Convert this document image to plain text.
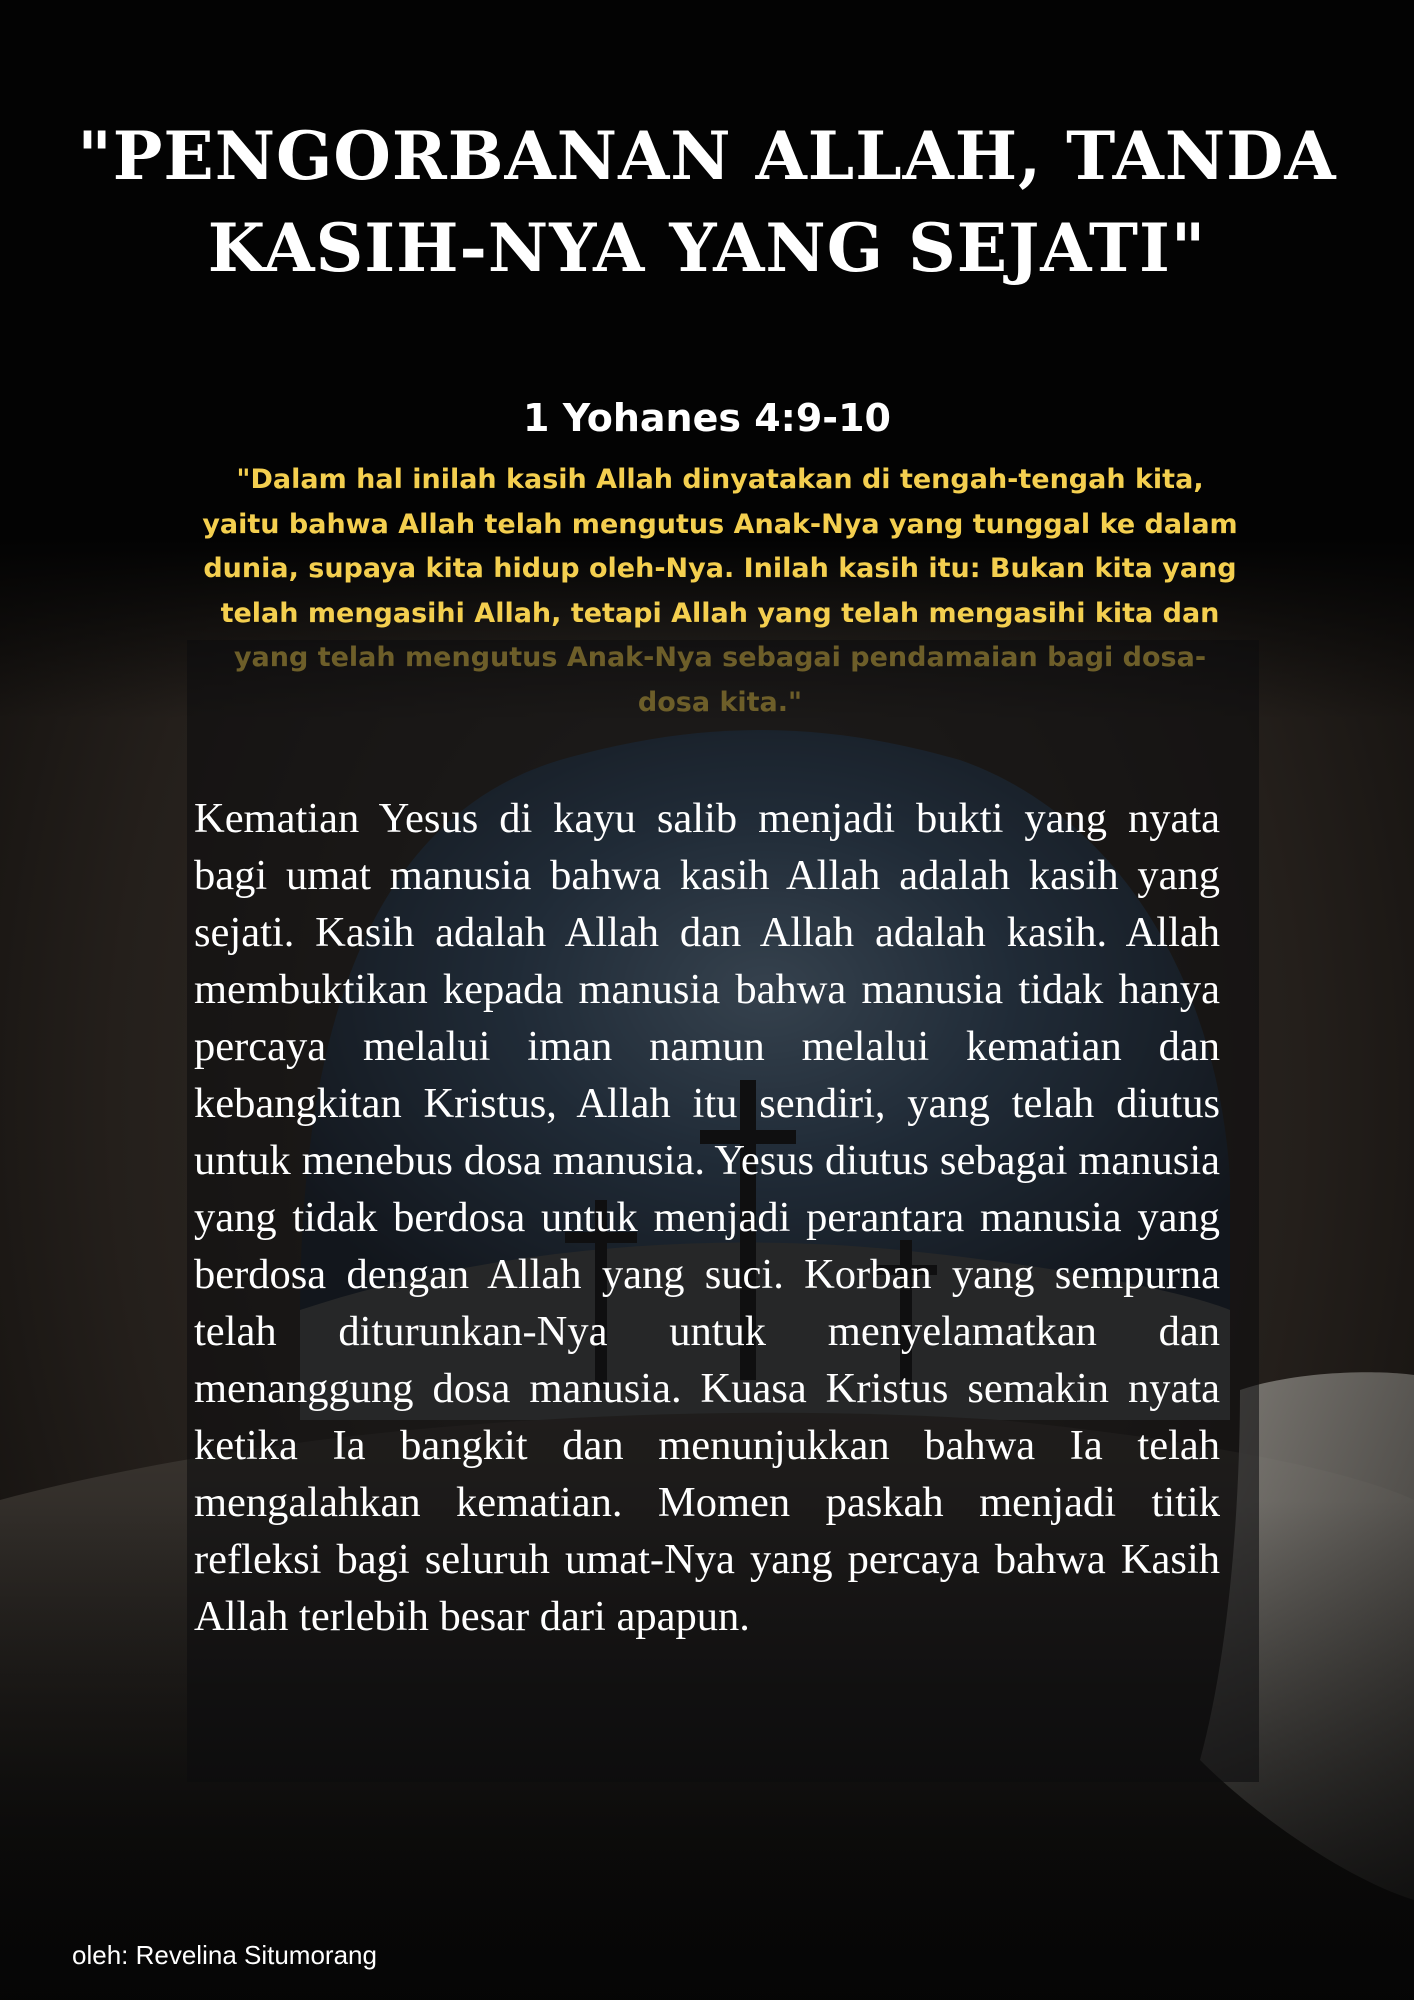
"PENGORBANAN ALLAH, TANDA KASIH-NYA YANG SEJATI"
1 Yohanes 4:9-10

"Dalam hal inilah kasih Allah dinyatakan di tengah-tengah kita, yaitu bahwa Allah telah mengutus Anak-Nya yang tunggal ke dalam dunia, supaya kita hidup oleh-Nya. Inilah kasih itu: Bukan kita yang telah mengasihi Allah, tetapi Allah yang telah mengasihi kita dan

Kematian Yesus di kayu salib menjadi bukti yang nyata bagi umat manusia bahwa kasih Allah adalah kasih yang sejati. Kasih adalah Allah dan Allah adalah kasih. Allah membuktikan kepada manusia bahwa manusia tidak hanya percaya melalui iman namun melalui kematian dan kebangkitan Kristus, Allah itu sendiri, yang telah diutus untuk menebus dosa manusia. Yesus diutus sebagai manusia yang tidak berdosa untuk menjadi perantara manusia yang berdosa dengan Allah yang suci. Korban yang sempurna telah diturunkan-Nya untuk menyelamatkan dan menanggung dosa manusia. Kuasa Kristus semakin nyata ketika Ia bangkit dan menunjukkan bahwa Ia telah mengalahkan kematian. Momen paskah menjadi titik refleksi bagi seluruh umat-Nya yang percaya bahwa Kasih Allah terlebih besar dari apapun.

oleh: Revelina Situmorang
